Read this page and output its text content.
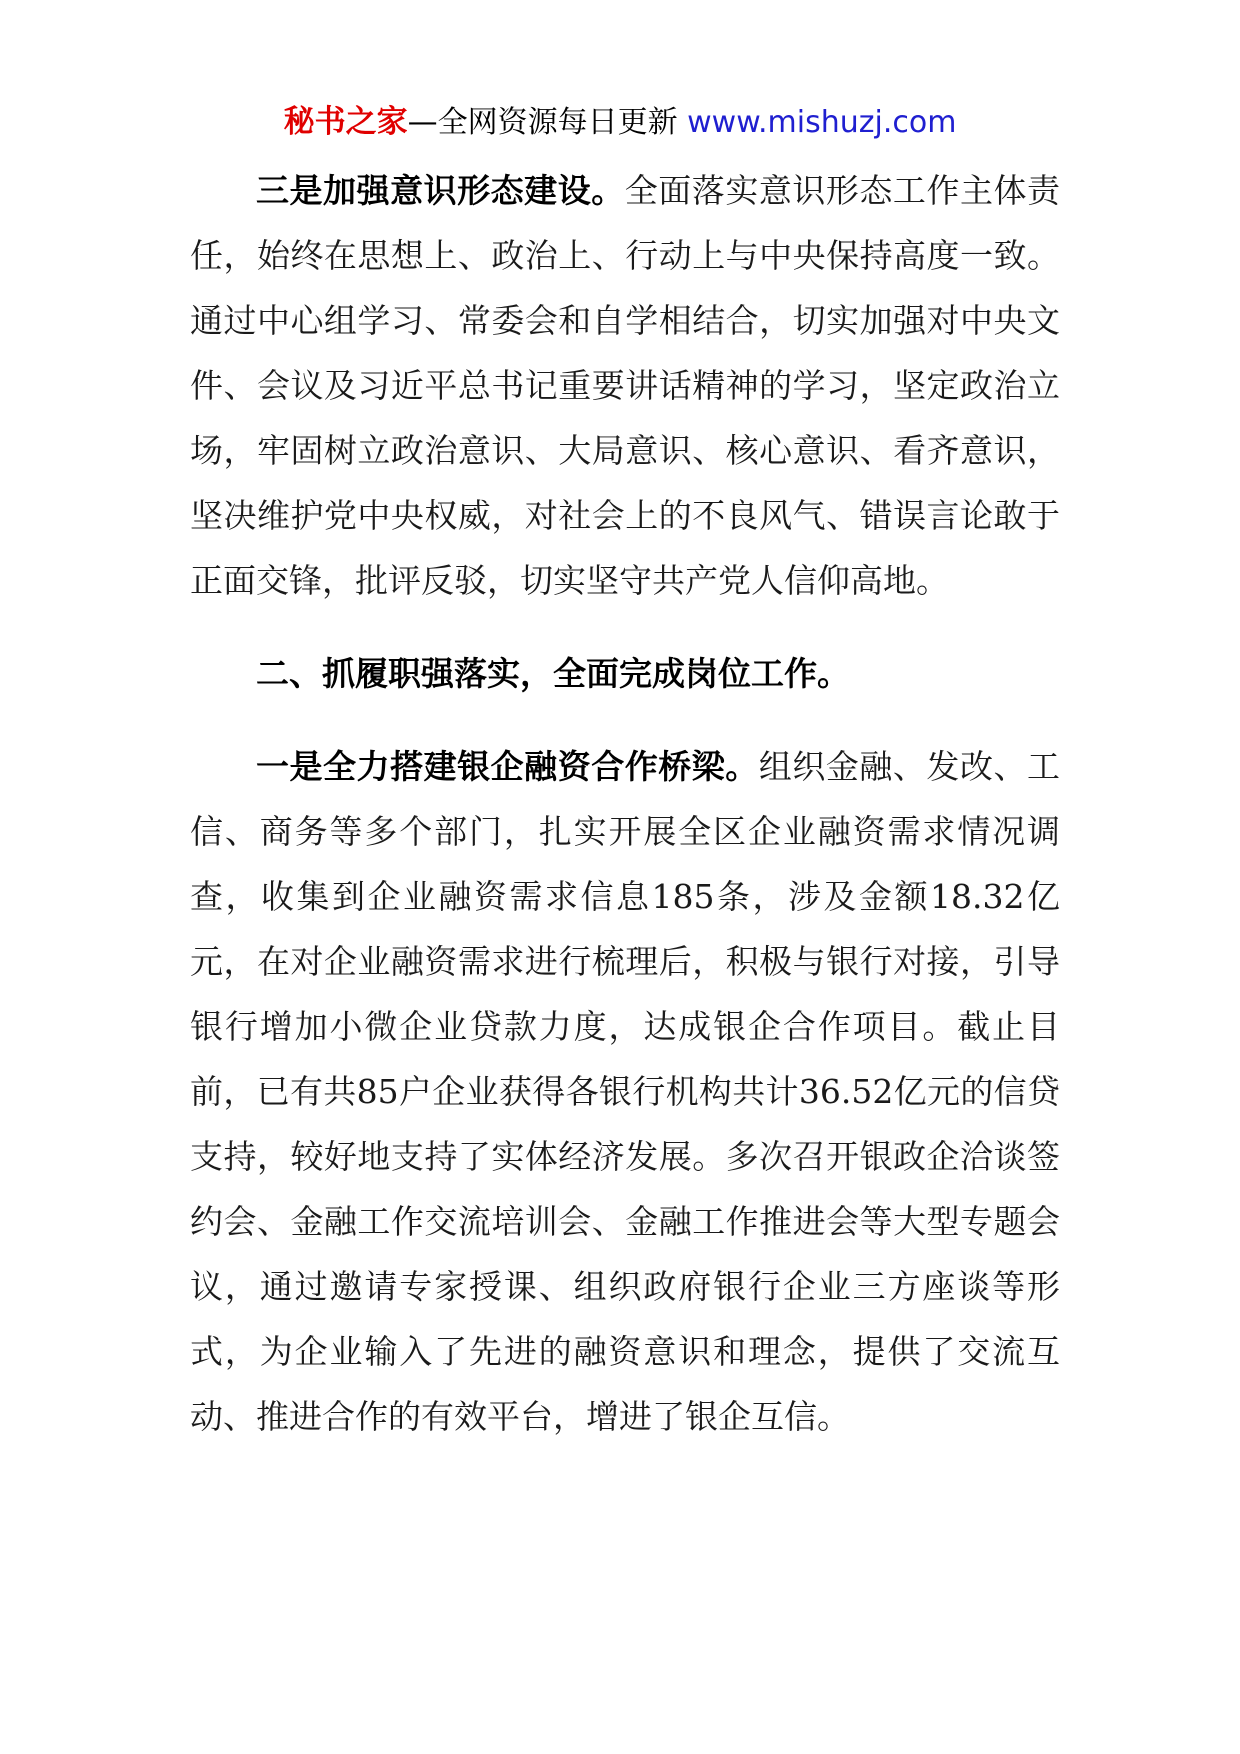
秘书之家—全网资源每日更新 www.mishuzj.com

三是加强意识形态建设。全面落实意识形态工作主体责任，始终在思想上、政治上、行动上与中央保持高度一致。通过中心组学习、常委会和自学相结合，切实加强对中央文件、会议及习近平总书记重要讲话精神的学习，坚定政治立场，牢固树立政治意识、大局意识、核心意识、看齐意识，坚决维护党中央权威，对社会上的不良风气、错误言论敢于正面交锋，批评反驳，切实坚守共产党人信仰高地。

二、抓履职强落实，全面完成岗位工作。

一是全力搭建银企融资合作桥梁。组织金融、发改、工信、商务等多个部门，扎实开展全区企业融资需求情况调查，收集到企业融资需求信息185条，涉及金额18.32亿元，在对企业融资需求进行梳理后，积极与银行对接，引导银行增加小微企业贷款力度，达成银企合作项目。截止目前，已有共85户企业获得各银行机构共计36.52亿元的信贷支持，较好地支持了实体经济发展。多次召开银政企洽谈签约会、金融工作交流培训会、金融工作推进会等大型专题会议，通过邀请专家授课、组织政府银行企业三方座谈等形式，为企业输入了先进的融资意识和理念，提供了交流互动、推进合作的有效平台，增进了银企互信。
